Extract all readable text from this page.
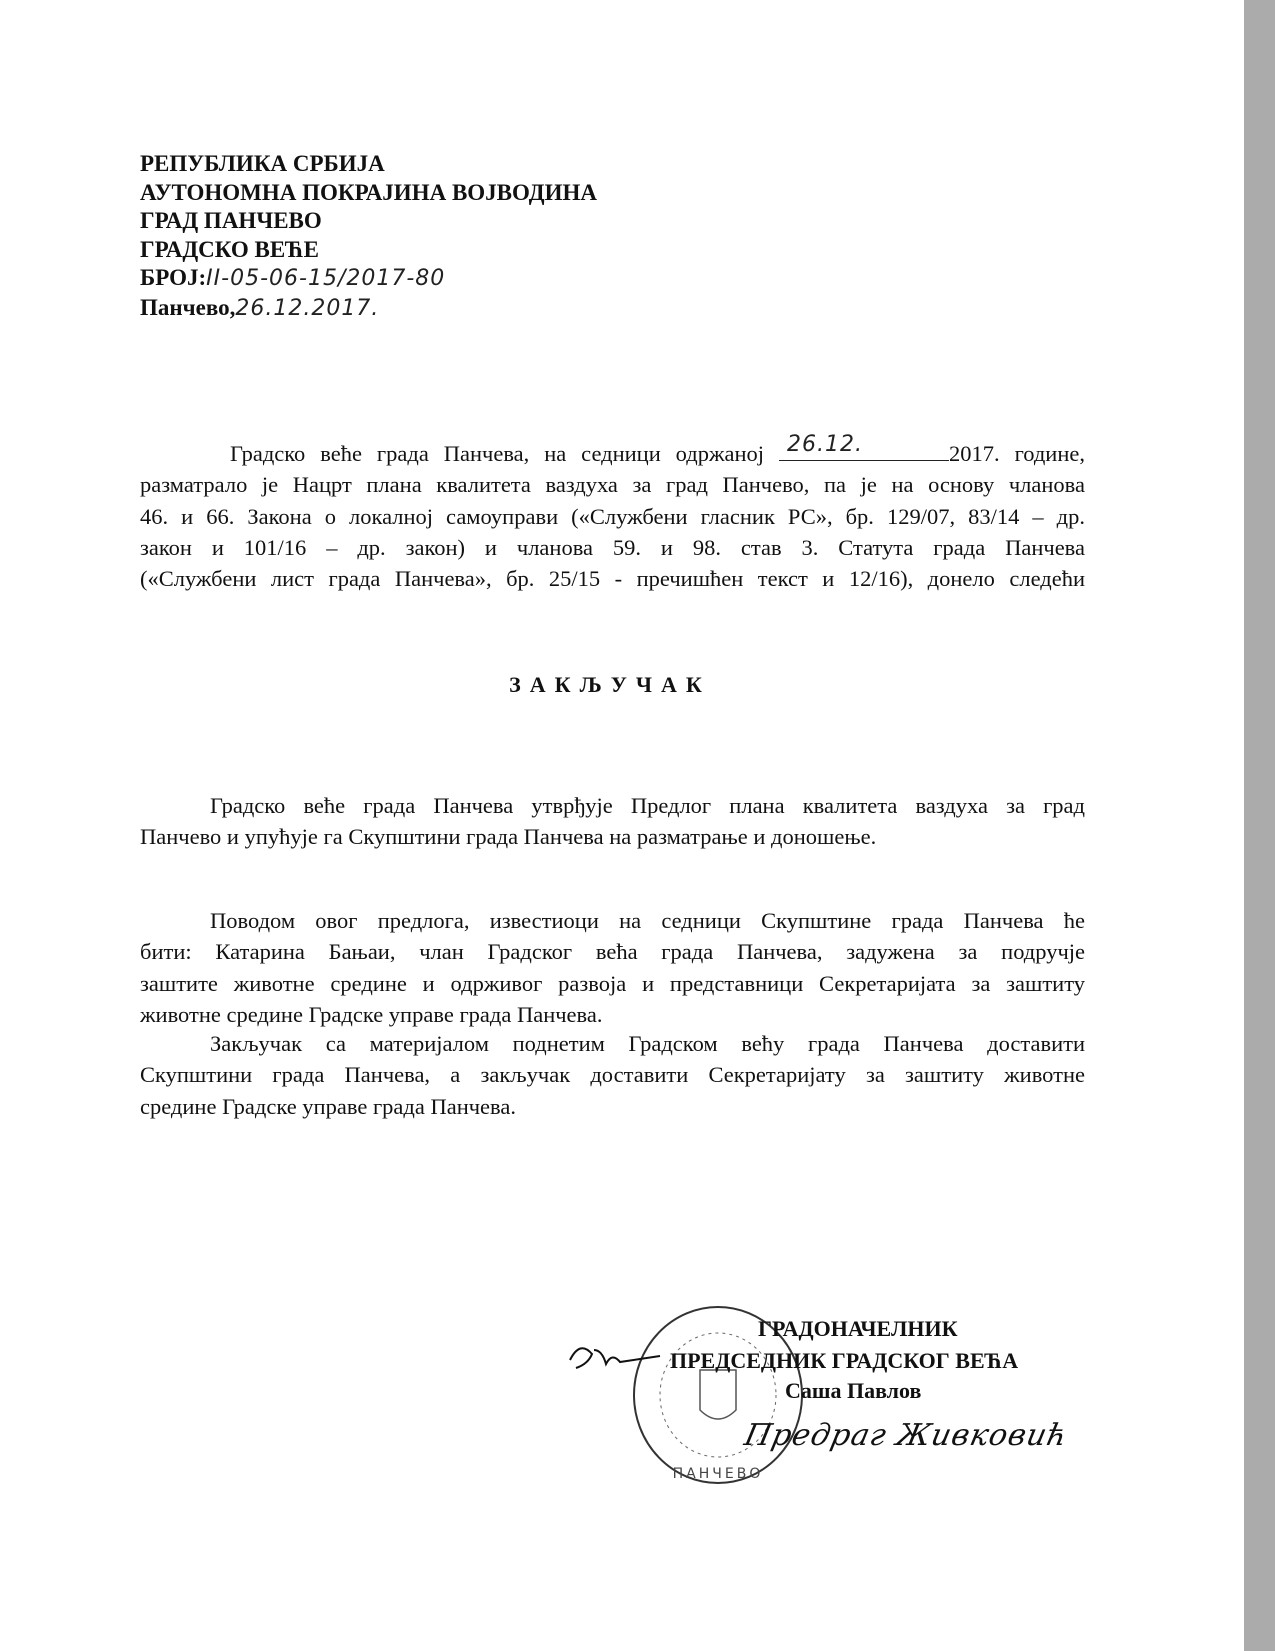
РЕПУБЛИКА СРБИЈА
АУТОНОМНА ПОКРАЈИНА ВОЈВОДИНА
ГРАД ПАНЧЕВО
ГРАДСКО ВЕЋЕ
БРОЈ:II-05-06-15/2017-80
Панчево,26.12.2017.
Градско веће града Панчева, на седници одржаној 26.12.	2017. године,
разматрало је Нацрт плана квалитета ваздуха за град Панчево, па је на основу чланова
46. и 66. Закона о локалној самоуправи («Службени гласник РС», бр. 129/07, 83/14 – др.
закон и 101/16 – др. закон) и чланова 59. и 98. став 3. Статута града Панчева
(«Службени лист града Панчева», бр. 25/15 - пречишћен текст и 12/16), донело следећи
ЗАКЉУЧАК
Градско веће града Панчева утврђује Предлог плана квалитета ваздуха за град
Панчево и упућује га Скупштини града Панчева на разматрање и доношење.
Поводом овог предлога, известиоци на седници Скупштине града Панчева ће
бити: Катарина Бањаи, члан Градског већа града Панчева, задужена за подручје
заштите животне средине и одрживог развоја и представници Секретаријата за заштиту
животне средине Градске управе града Панчева.
Закључак са материјалом поднетим Градском већу града Панчева доставити
Скупштини града Панчева, а закључак доставити Секретаријату за заштиту животне
средине Градске управе града Панчева.
ПАНЧЕВО
ГРАДОНАЧЕЛНИК
ПРЕДСЕДНИК ГРАДСКОГ ВЕЋА
Саша Павлов
Предраг Живковић
